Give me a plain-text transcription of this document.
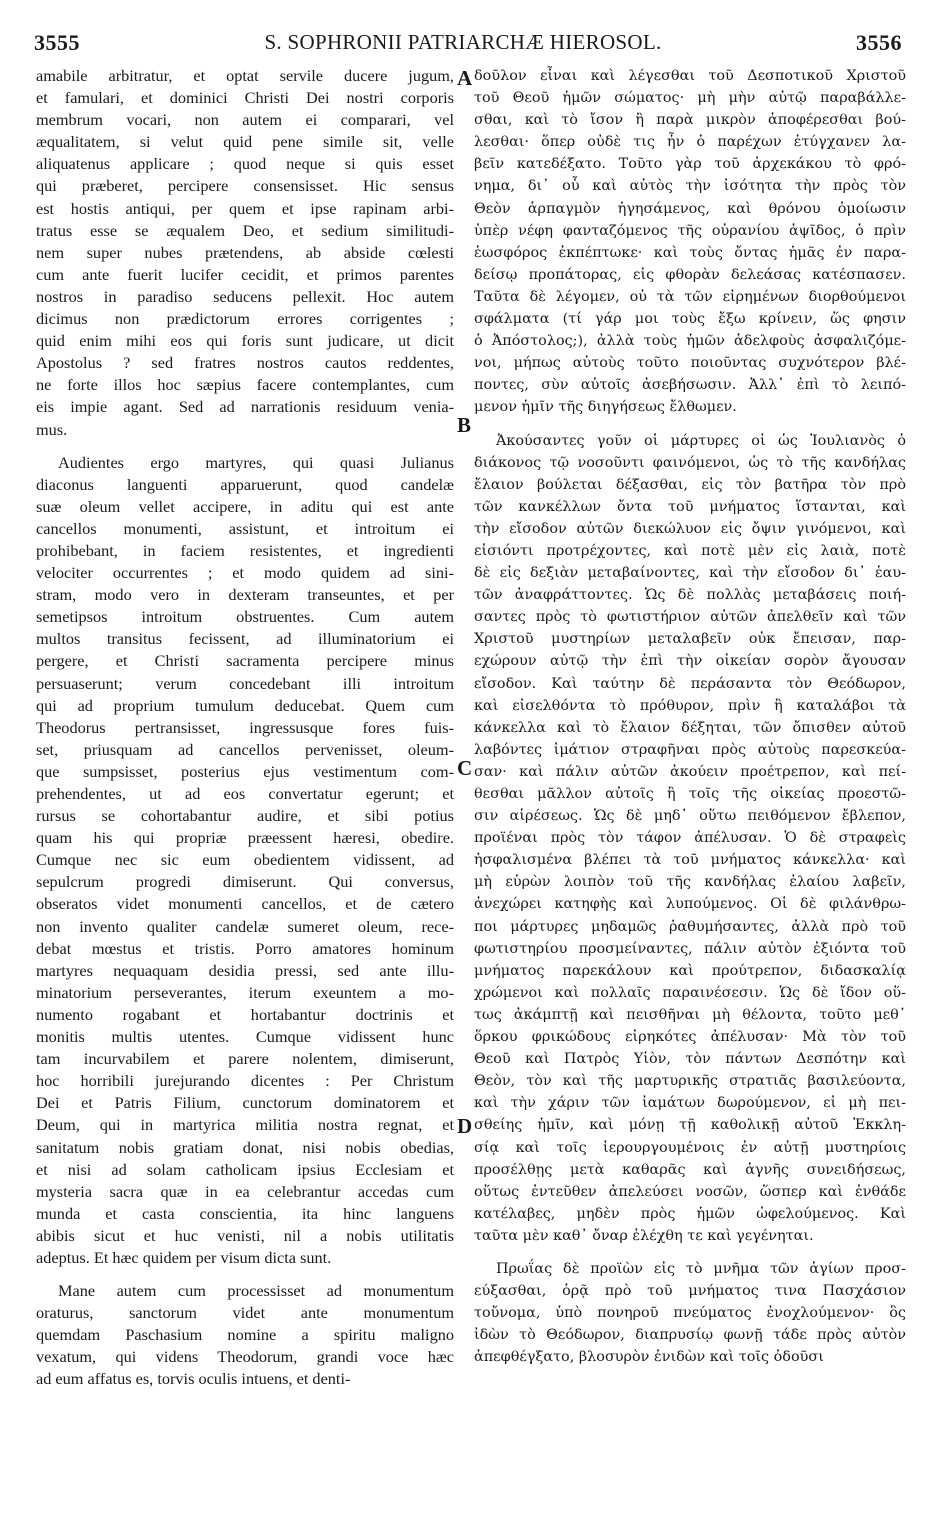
3555	S. SOPHRONII PATRIARCHÆ HIEROSOL.	3556
amabile arbitratur, et optat servile ducere jugum,
et famulari, et dominici Christi Dei nostri corporis
membrum vocari, non autem ei comparari, vel
æqualitatem, si velut quid pene simile sit, velle
aliquatenus applicare ; quod neque si quis esset
qui præberet, percipere consensisset. Hic sensus
est hostis antiqui, per quem et ipse rapinam arbi-
tratus esse se æqualem Deo, et sedium similitudi-
nem super nubes prætendens, ab abside cœlesti
cum ante fuerit lucifer cecidit, et primos parentes
nostros in paradiso seducens pellexit. Hoc autem
dicimus non prædictorum errores corrigentes ;
quid enim mihi eos qui foris sunt judicare, ut dicit
Apostolus ? sed fratres nostros cautos reddentes,
ne forte illos hoc sæpius facere contemplantes, cum
eis impie agant. Sed ad narrationis residuum venia-
mus.
Audientes ergo martyres, qui quasi Julianus
diaconus languenti apparuerunt, quod candelæ
suæ oleum vellet accipere, in aditu qui est ante
cancellos monumenti, assistunt, et introitum ei
prohibebant, in faciem resistentes, et ingredienti
velociter occurrentes ; et modo quidem ad sini-
stram, modo vero in dexteram transeuntes, et per
semetipsos introitum obstruentes. Cum autem
multos transitus fecissent, ad illuminatorium ei
pergere, et Christi sacramenta percipere minus
persuaserunt; verum concedebant illi introitum
qui ad proprium tumulum deducebat. Quem cum
Theodorus pertransisset, ingressusque fores fuis-
set, priusquam ad cancellos pervenisset, oleum-
que sumpsisset, posterius ejus vestimentum com-
prehendentes, ut ad eos convertatur egerunt; et
rursus se cohortabantur audire, et sibi potius
quam his qui propriæ præessent hæresi, obedire.
Cumque nec sic eum obedientem vidissent, ad
sepulcrum progredi dimiserunt. Qui conversus,
obseratos videt monumenti cancellos, et de cætero
non invento qualiter candelæ sumeret oleum, rece-
debat mœstus et tristis. Porro amatores hominum
martyres nequaquam desidia pressi, sed ante illu-
minatorium perseverantes, iterum exeuntem a mo-
numento rogabant et hortabantur doctrinis et
monitis multis utentes. Cumque vidissent hunc
tam incurvabilem et parere nolentem, dimiserunt,
hoc horribili jurejurando dicentes : Per Christum
Dei et Patris Filium, cunctorum dominatorem et
Deum, qui in martyrica militia nostra regnat, et
sanitatum nobis gratiam donat, nisi nobis obedias,
et nisi ad solam catholicam ipsius Ecclesiam et
mysteria sacra quæ in ea celebrantur accedas cum
munda et casta conscientia, ita hinc languens
abibis sicut et huc venisti, nil a nobis utilitatis
adeptus. Et hæc quidem per visum dicta sunt.
Mane autem cum processisset ad monumentum
oraturus, sanctorum videt ante monumentum
quemdam Paschasium nomine a spiritu maligno
vexatum, qui videns Theodorum, grandi voce hæc
ad eum affatus es, torvis oculis intuens, et denti-
δοῦλον εἶναι καὶ λέγεσθαι τοῦ Δεσποτικοῦ Χριστοῦ
τοῦ Θεοῦ ἡμῶν σώματος· μὴ μὴν αὐτῷ παραβάλλε-
σθαι, καὶ τὸ ἴσον ἢ παρὰ μικρὸν ἀποφέρεσθαι βού-
λεσθαι· ὅπερ οὐδὲ τις ἦν ὁ παρέχων ἐτύγχανεν λα-
βεῖν κατεδέξατο. Τοῦτο γὰρ τοῦ ἀρχεκάκου τὸ φρό-
νημα, δι᾽ οὗ καὶ αὐτὸς τὴν ἰσότητα τὴν πρὸς τὸν
Θεὸν ἁρπαγμὸν ἡγησάμενος, καὶ θρόνου ὁμοίωσιν
ὑπὲρ νέφη φανταζόμενος τῆς οὐρανίου ἁψῖδος, ὁ πρὶν
ἑωσφόρος ἐκπέπτωκε· καὶ τοὺς ὄντας ἡμᾶς ἐν παρα-
δείσῳ προπάτορας, εἰς φθορὰν δελεάσας κατέσπασεν.
Ταῦτα δὲ λέγομεν, οὐ τὰ τῶν εἰρημένων διορθούμενοι
σφάλματα (τί γάρ μοι τοὺς ἔξω κρίνειν, ὥς φησιν
ὁ Ἀπόστολος;), ἀλλὰ τοὺς ἡμῶν ἀδελφοὺς ἀσφαλιζόμε-
νοι, μήπως αὐτοὺς τοῦτο ποιοῦντας συχνότερον βλέ-
ποντες, σὺν αὐτοῖς ἀσεβήσωσιν. Ἀλλ᾽ ἐπὶ τὸ λειπό-
μενον ἡμῖν τῆς διηγήσεως ἔλθωμεν.
Ἀκούσαντες γοῦν οἱ μάρτυρες οἱ ὡς Ἰουλιανὸς ὁ
διάκονος τῷ νοσοῦντι φαινόμενοι, ὡς τὸ τῆς κανδήλας
ἔλαιον βούλεται δέξασθαι, εἰς τὸν βατῆρα τὸν πρὸ
τῶν κανκέλλων ὄντα τοῦ μνήματος ἵστανται, καὶ
τὴν εἴσοδον αὐτῶν διεκώλυον εἰς ὄψιν γινόμενοι, καὶ
εἰσιόντι προτρέχοντες, καὶ ποτὲ μὲν εἰς λαιὰ, ποτὲ
δὲ εἰς δεξιὰν μεταβαίνοντες, καὶ τὴν εἴσοδον δι᾽ ἑαυ-
τῶν ἀναφράττοντες. Ὡς δὲ πολλὰς μεταβάσεις ποιή-
σαντες πρὸς τὸ φωτιστήριον αὐτῶν ἀπελθεῖν καὶ τῶν
Χριστοῦ μυστηρίων μεταλαβεῖν οὐκ ἔπεισαν, παρ-
εχώρουν αὐτῷ τὴν ἐπὶ τὴν οἰκείαν σορὸν ἄγουσαν
εἴσοδον. Καὶ ταύτην δὲ περάσαντα τὸν Θεόδωρον,
καὶ εἰσελθόντα τὸ πρόθυρον, πρὶν ἢ καταλάβοι τὰ
κάνκελλα καὶ τὸ ἔλαιον δέξηται, τῶν ὄπισθεν αὐτοῦ
λαβόντες ἱμάτιον στραφῆναι πρὸς αὐτοὺς παρεσκεύα-
σαν· καὶ πάλιν αὐτῶν ἀκούειν προέτρεπον, καὶ πεί-
θεσθαι μᾶλλον αὐτοῖς ἢ τοῖς τῆς οἰκείας προεστῶ-
σιν αἱρέσεως. Ὡς δὲ μηδ᾽ οὕτω πειθόμενον ἔβλεπον,
προϊέναι πρὸς τὸν τάφον ἀπέλυσαν. Ὁ δὲ στραφεὶς
ἠσφαλισμένα βλέπει τὰ τοῦ μνήματος κάνκελλα· καὶ
μὴ εὑρὼν λοιπὸν τοῦ τῆς κανδήλας ἐλαίου λαβεῖν,
ἀνεχώρει κατηφὴς καὶ λυπούμενος. Οἱ δὲ φιλάνθρω-
ποι μάρτυρες μηδαμῶς ῥαθυμήσαντες, ἀλλὰ πρὸ τοῦ
φωτιστηρίου προσμείναντες, πάλιν αὐτὸν ἐξιόντα τοῦ
μνήματος παρεκάλουν καὶ προύτρεπον, διδασκαλίᾳ
χρώμενοι καὶ πολλαῖς παραινέσεσιν. Ὡς δὲ ἴδον οὕ-
τως ἀκάμπτῇ καὶ πεισθῆναι μὴ θέλοντα, τοῦτο μεθ᾽
ὅρκου φρικώδους εἰρηκότες ἀπέλυσαν· Μὰ τὸν τοῦ
Θεοῦ καὶ Πατρὸς Υἱὸν, τὸν πάντων Δεσπότην καὶ
Θεὸν, τὸν καὶ τῆς μαρτυρικῆς στρατιᾶς βασιλεύοντα,
καὶ τὴν χάριν τῶν ἰαμάτων δωρούμενον, εἰ μὴ πει-
σθείης ἡμῖν, καὶ μόνῃ τῇ καθολικῇ αὐτοῦ Ἐκκλη-
σίᾳ καὶ τοῖς ἱερουργουμένοις ἐν αὐτῇ μυστηρίοις
προσέλθῃς μετὰ καθαρᾶς καὶ ἁγνῆς συνειδήσεως,
οὕτως ἐντεῦθεν ἀπελεύσει νοσῶν, ὥσπερ καὶ ἐνθάδε
κατέλαβες, μηδὲν πρὸς ἡμῶν ὠφελούμενος. Καὶ
ταῦτα μὲν καθ᾽ ὄναρ ἐλέχθη τε καὶ γεγένηται.
Πρωΐας δὲ προϊὼν εἰς τὸ μνῆμα τῶν ἁγίων προσ-
εύξασθαι, ὁρᾷ πρὸ τοῦ μνήματος τινα Πασχάσιον
τοὔνομα, ὑπὸ πονηροῦ πνεύματος ἐνοχλούμενον· ὃς
ἰδὼν τὸ Θεόδωρον, διαπρυσίῳ φωνῇ τάδε πρὸς αὐτὸν
ἀπεφθέγξατο, βλοσυρὸν ἐνιδὼν καὶ τοῖς ὀδοῦσι
A
B
C
D
